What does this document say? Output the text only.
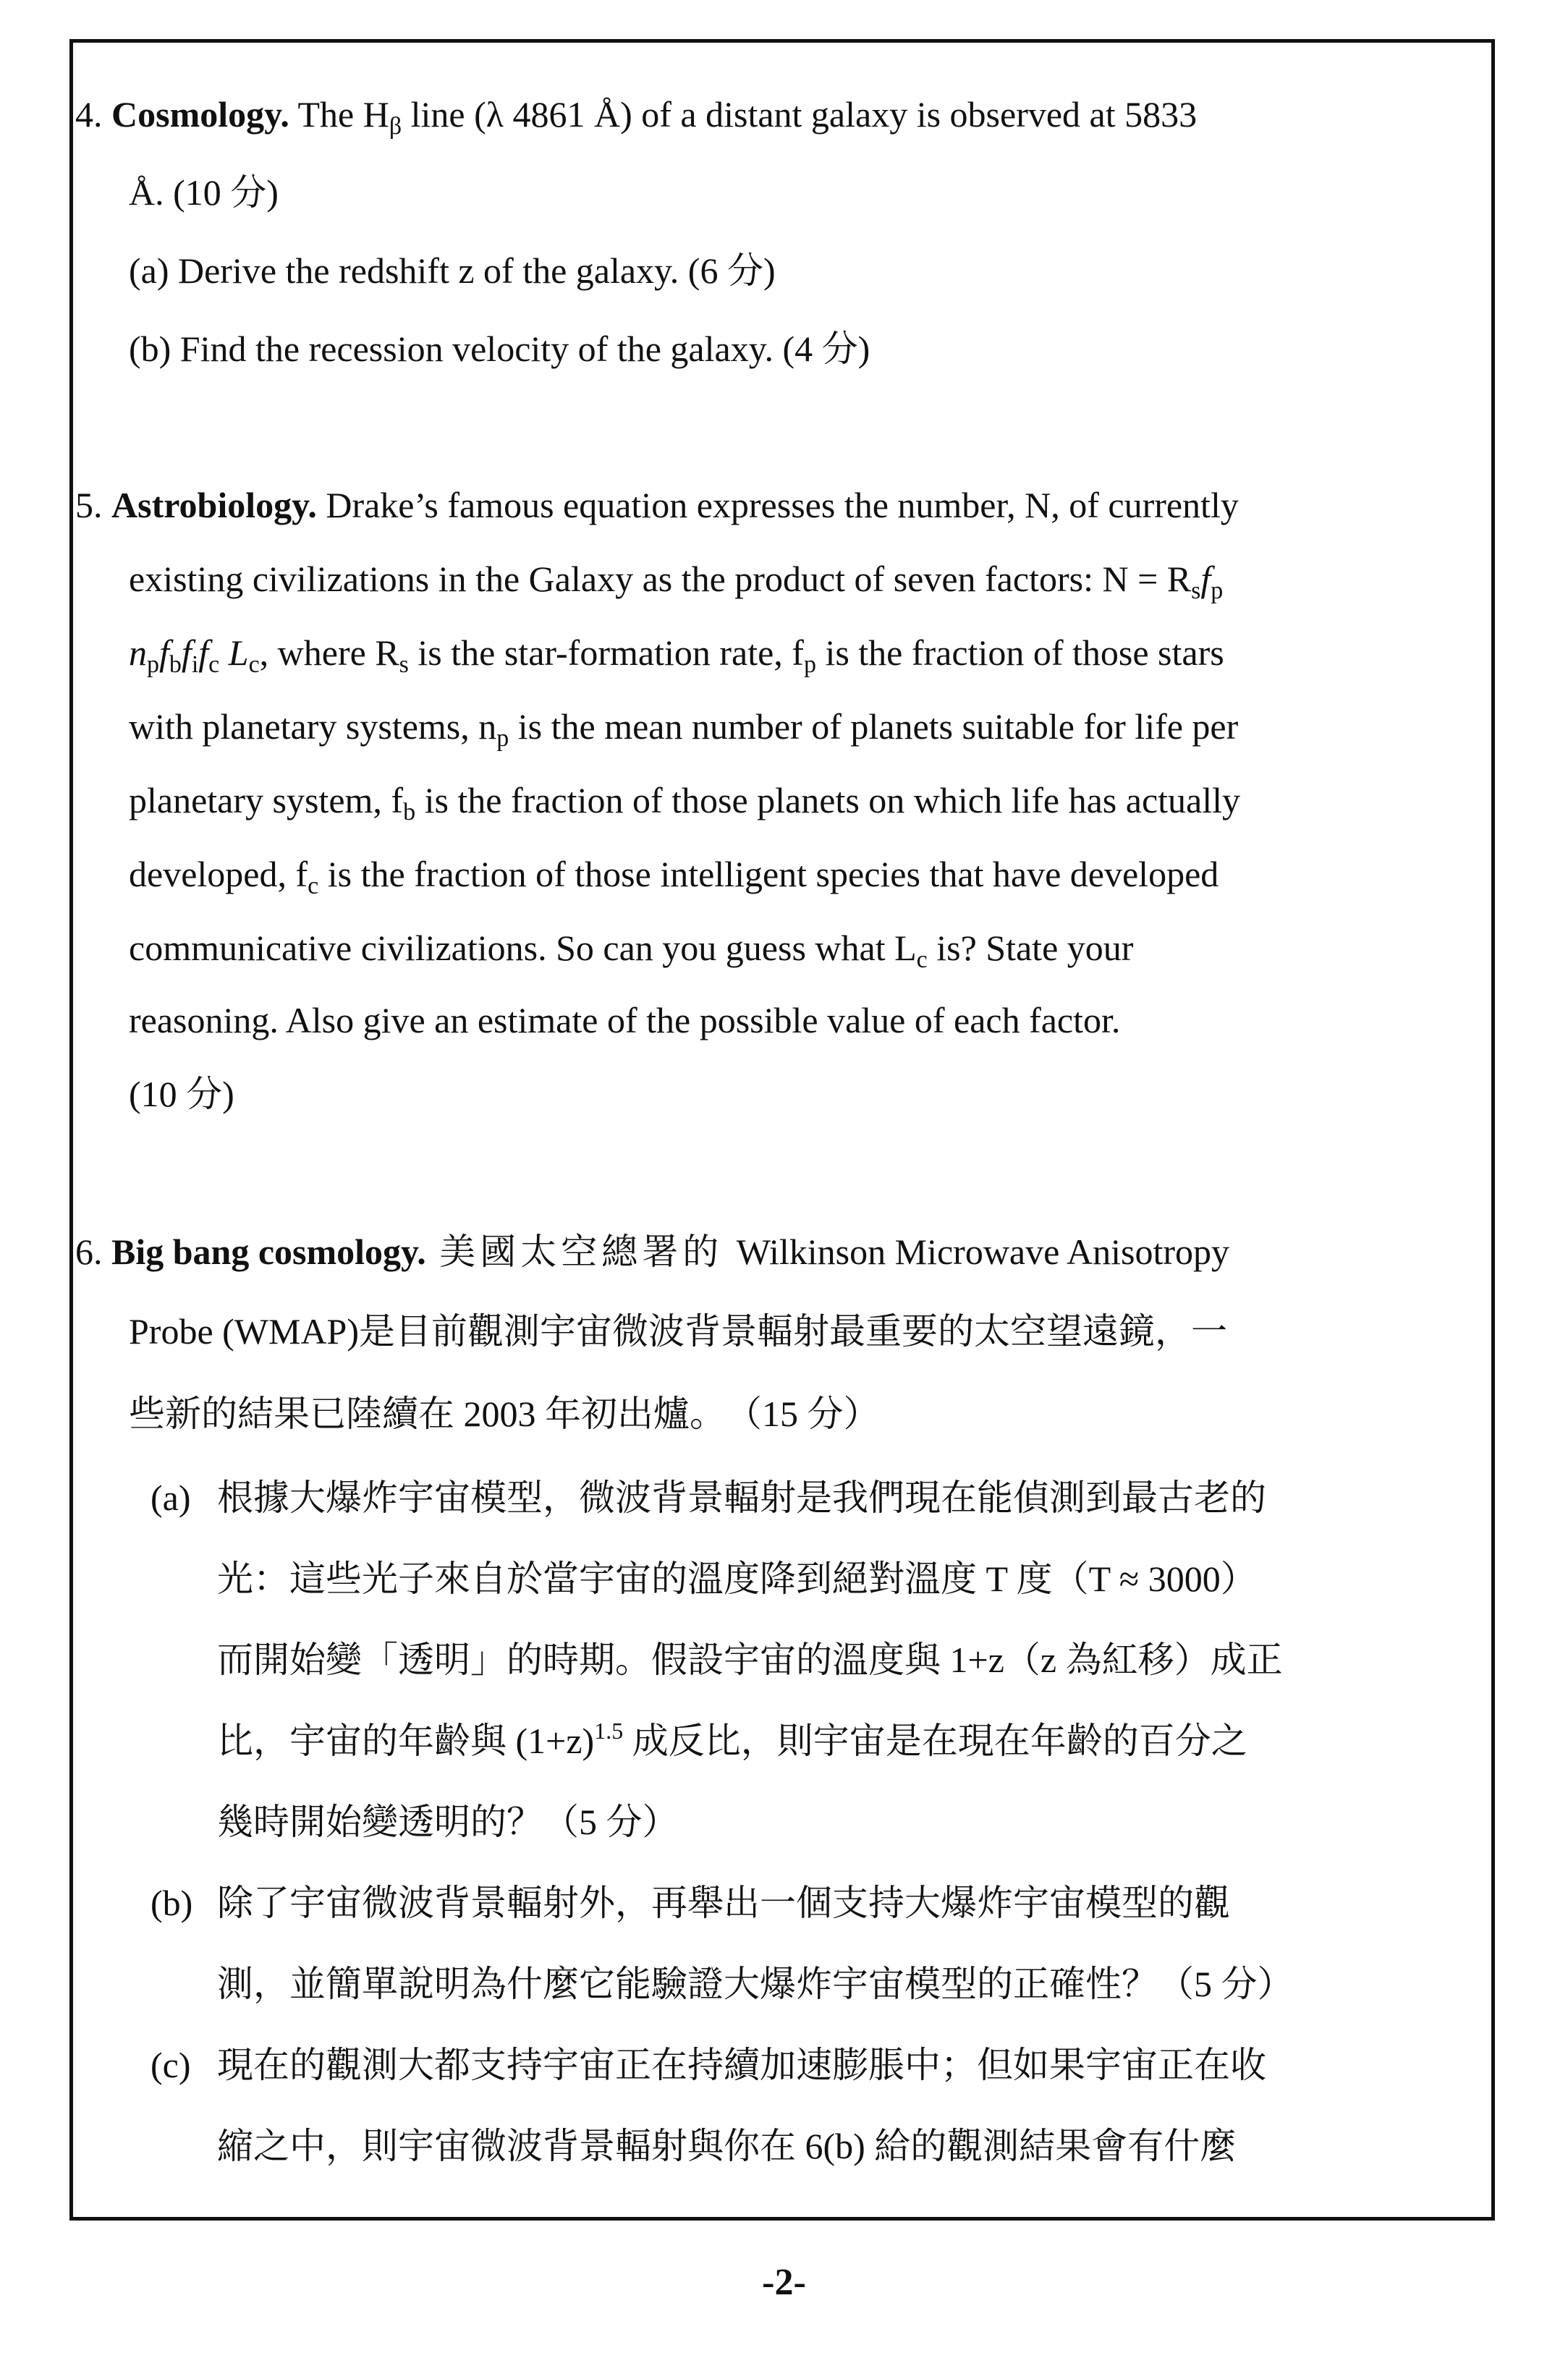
4. Cosmology. The $H_\beta$ line (λ 4861 Å) of a distant galaxy is observed at 5833
Å. (10 分)
(a) Derive the redshift z of the galaxy. (6 分)
(b) Find the recession velocity of the galaxy. (4 分)
5. Astrobiology. Drake’s famous equation expresses the number, N, of currently
existing civilizations in the Galaxy as the product of seven factors: $N = R_sf_p$
$n_pf_bf_if_c$ $L_c$, where $R_s$ is the star-formation rate, $f_p$ is the fraction of those stars
with planetary systems, $n_p$ is the mean number of planets suitable for life per
planetary system, $f_b$ is the fraction of those planets on which life has actually
developed, $f_c$ is the fraction of those intelligent species that have developed
communicative civilizations. So can you guess what $L_c$ is? State your
reasoning. Also give an estimate of the possible value of each factor.
(10 分)
6. Big bang cosmology. 美國太空總署的 Wilkinson Microwave Anisotropy
Probe (WMAP)是目前觀測宇宙微波背景輻射最重要的太空望遠鏡，一
些新的結果已陸續在 2003 年初出爐。　（15 分）
(a) 根據大爆炸宇宙模型，微波背景輻射是我們現在能偵測到最古老的
光：這些光子來自於當宇宙的溫度降到絕對溫度 T 度（T ≈ 3000）
而開始變「透明」的時期。假設宇宙的溫度與 1+z（z 為紅移）成正
比，宇宙的年齡與 $(1+z)^{1.5}$ 成反比，則宇宙是在現在年齡的百分之
幾時開始變透明的？（5 分）
(b) 除了宇宙微波背景輻射外，再舉出一個支持大爆炸宇宙模型的觀
測，並簡單說明為什麼它能驗證大爆炸宇宙模型的正確性？（5 分）
(c) 現在的觀測大都支持宇宙正在持續加速膨脹中；但如果宇宙正在收
縮之中，則宇宙微波背景輻射與你在 6(b) 給的觀測結果會有什麼
-2-
